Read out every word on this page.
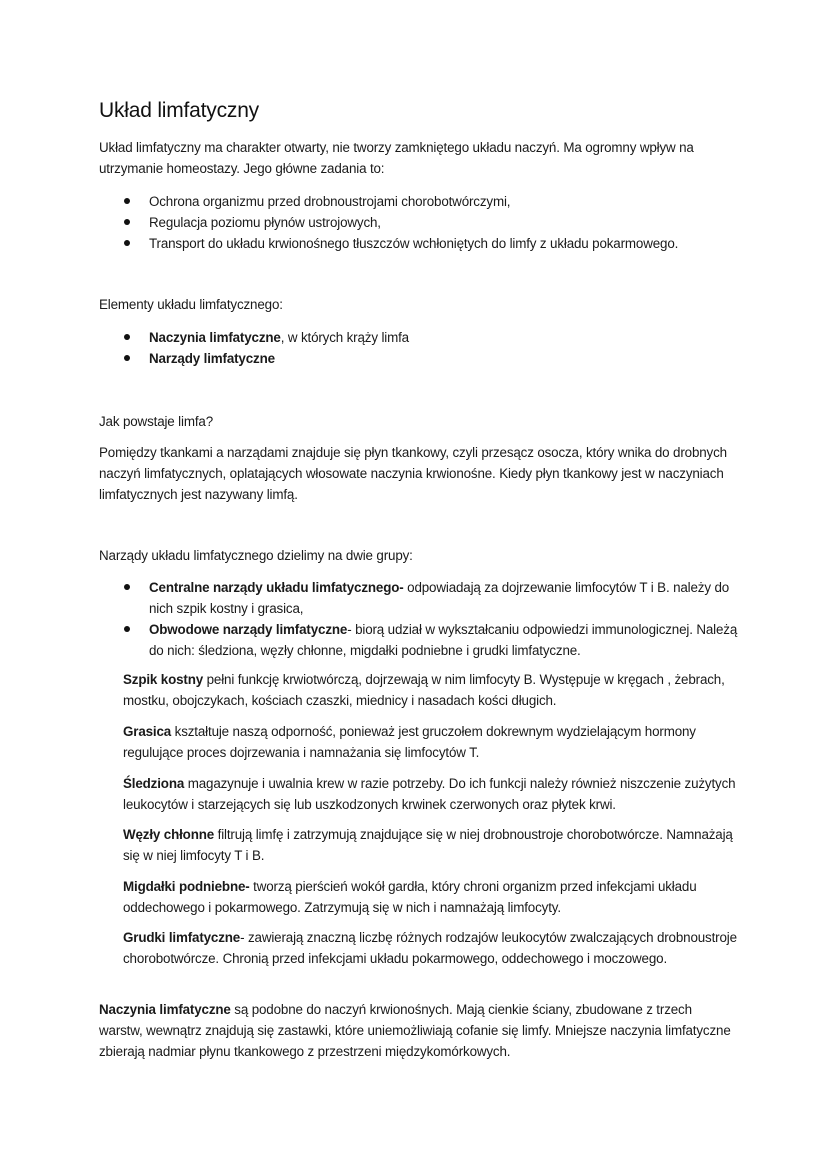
Układ limfatyczny

Układ limfatyczny ma charakter otwarty, nie tworzy zamkniętego układu naczyń. Ma ogromny wpływ na utrzymanie homeostazy. Jego główne zadania to:

Ochrona organizmu przed drobnoustrojami chorobotwórczymi,
Regulacja poziomu płynów ustrojowych,
Transport do układu krwionośnego tłuszczów wchłoniętych do limfy z układu pokarmowego.

Elementy układu limfatycznego:

Naczynia limfatyczne, w których krąży limfa
Narządy limfatyczne

Jak powstaje limfa?

Pomiędzy tkankami a narządami znajduje się płyn tkankowy, czyli przesącz osocza, który wnika do drobnych naczyń limfatycznych, oplatających włosowate naczynia krwionośne. Kiedy płyn tkankowy jest w naczyniach limfatycznych jest nazywany limfą.

Narządy układu limfatycznego dzielimy na dwie grupy:

Centralne narządy układu limfatycznego- odpowiadają za dojrzewanie limfocytów T i B. należy do nich szpik kostny i grasica,
Obwodowe narządy limfatyczne- biorą udział w wykształcaniu odpowiedzi immunologicznej. Należą do nich: śledziona, węzły chłonne, migdałki podniebne i grudki limfatyczne.

Szpik kostny pełni funkcję krwiotwórczą, dojrzewają w nim limfocyty B. Występuje w kręgach , żebrach, mostku, obojczykach, kościach czaszki, miednicy i nasadach kości długich.

Grasica kształtuje naszą odporność, ponieważ jest gruczołem dokrewnym wydzielającym hormony regulujące proces dojrzewania i namnażania się limfocytów T.

Śledziona magazynuje i uwalnia krew w razie potrzeby. Do ich funkcji należy również niszczenie zużytych leukocytów i starzejących się lub uszkodzonych krwinek czerwonych oraz płytek krwi.

Węzły chłonne filtrują limfę i zatrzymują znajdujące się w niej drobnoustroje chorobotwórcze. Namnażają się w niej limfocyty T i B.

Migdałki podniebne- tworzą pierścień wokół gardła, który chroni organizm przed infekcjami układu oddechowego i pokarmowego. Zatrzymują się w nich i namnażają limfocyty.

Grudki limfatyczne- zawierają znaczną liczbę różnych rodzajów leukocytów zwalczających drobnoustroje chorobotwórcze. Chronią przed infekcjami układu pokarmowego, oddechowego i moczowego.

Naczynia limfatyczne są podobne do naczyń krwionośnych. Mają cienkie ściany, zbudowane z trzech warstw, wewnątrz znajdują się zastawki, które uniemożliwiają cofanie się limfy. Mniejsze naczynia limfatyczne zbierają nadmiar płynu tkankowego z przestrzeni międzykomórkowych.
